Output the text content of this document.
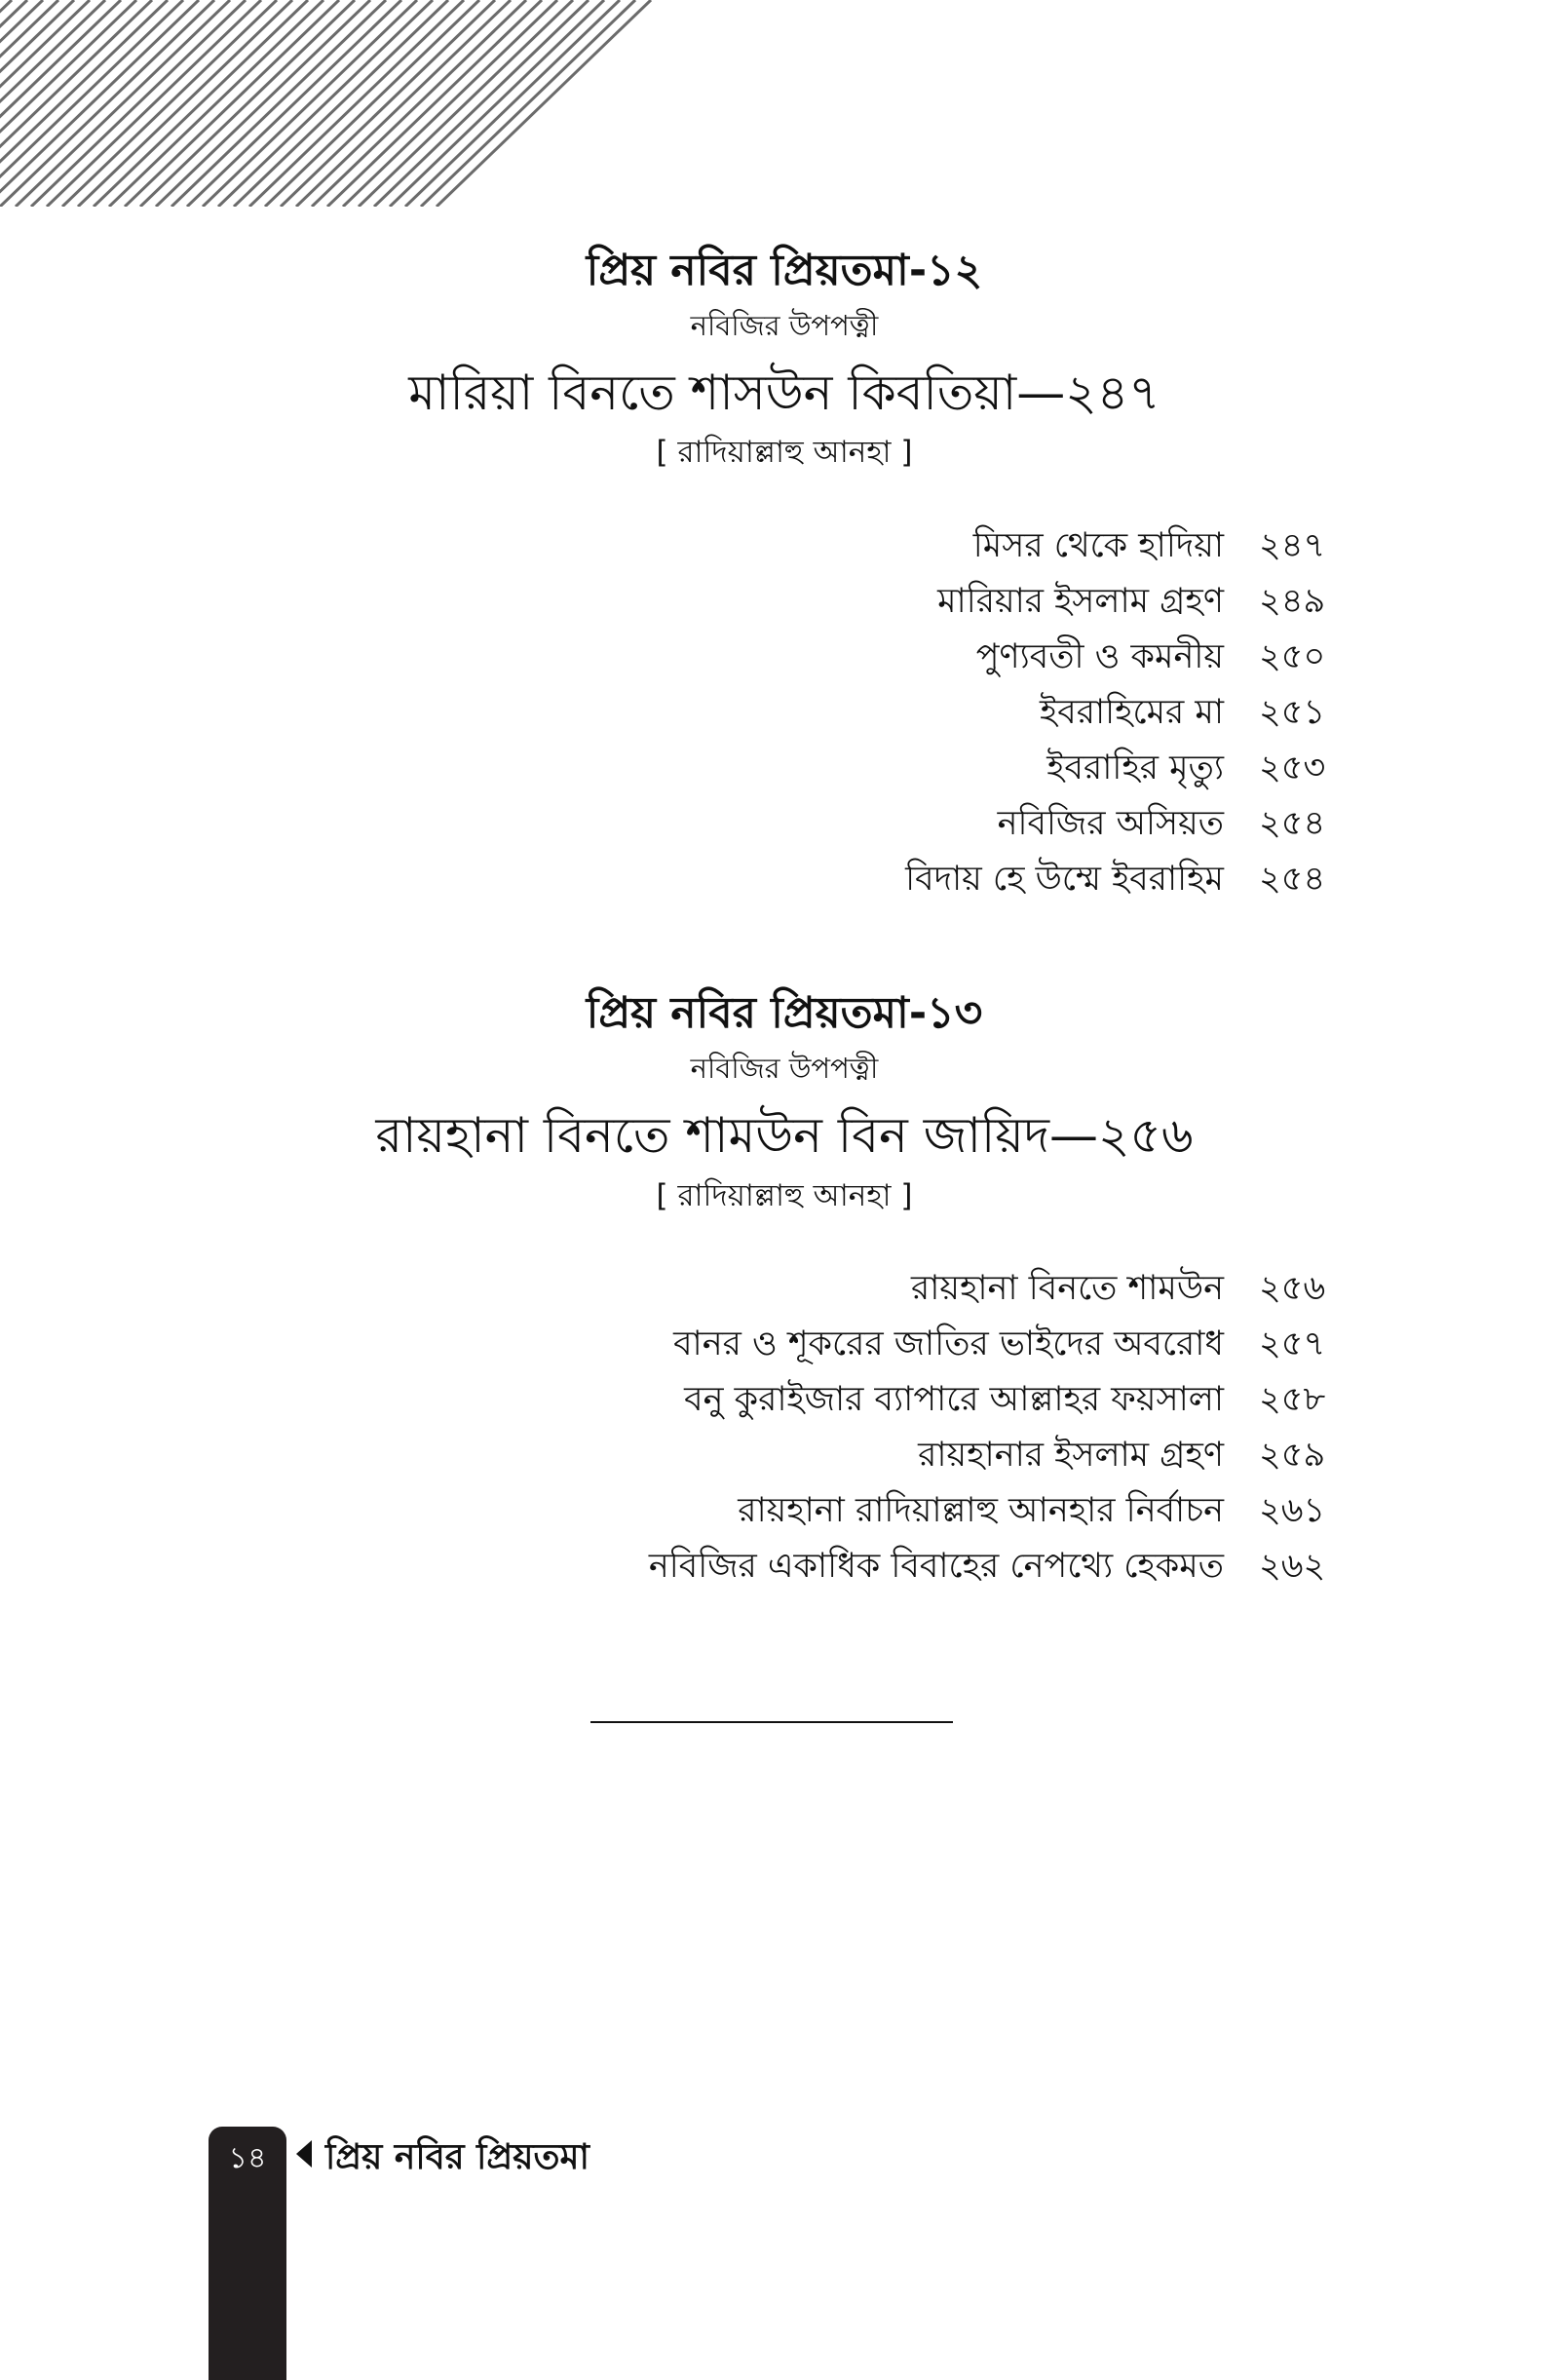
প্রিয় নবির প্রিয়তমা-১২
নবিজির উপপত্নী
মারিয়া বিনতে শাসউন কিবতিয়া—২৪৭
[ রাদিয়াল্লাহু আনহা ]
মিসর থেকে হাদিয়া ২৪৭
মারিয়ার ইসলাম গ্রহণ ২৪৯
পুণ্যবতী ও কমনীয় ২৫০
ইবরাহিমের মা ২৫১
ইবরাহির মৃত্যু ২৫৩
নবিজির অসিয়ত ২৫৪
বিদায় হে উম্মে ইবরাহিম ২৫৪
প্রিয় নবির প্রিয়তমা-১৩
নবিজির উপপত্নী
রায়হানা বিনতে শামউন বিন জায়িদ—২৫৬
[ রাদিয়াল্লাহু আনহা ]
রায়হানা বিনতে শামউন ২৫৬
বানর ও শূকরের জাতির ভাইদের অবরোধ ২৫৭
বনু কুরাইজার ব্যাপারে আল্লাহর ফয়সালা ২৫৮
রায়হানার ইসলাম গ্রহণ ২৫৯
রায়হানা রাদিয়াল্লাহু আনহার নির্বাচন ২৬১
নবিজির একাধিক বিবাহের নেপথ্যে হেকমত ২৬২
১৪	প্রিয় নবির প্রিয়তমা
